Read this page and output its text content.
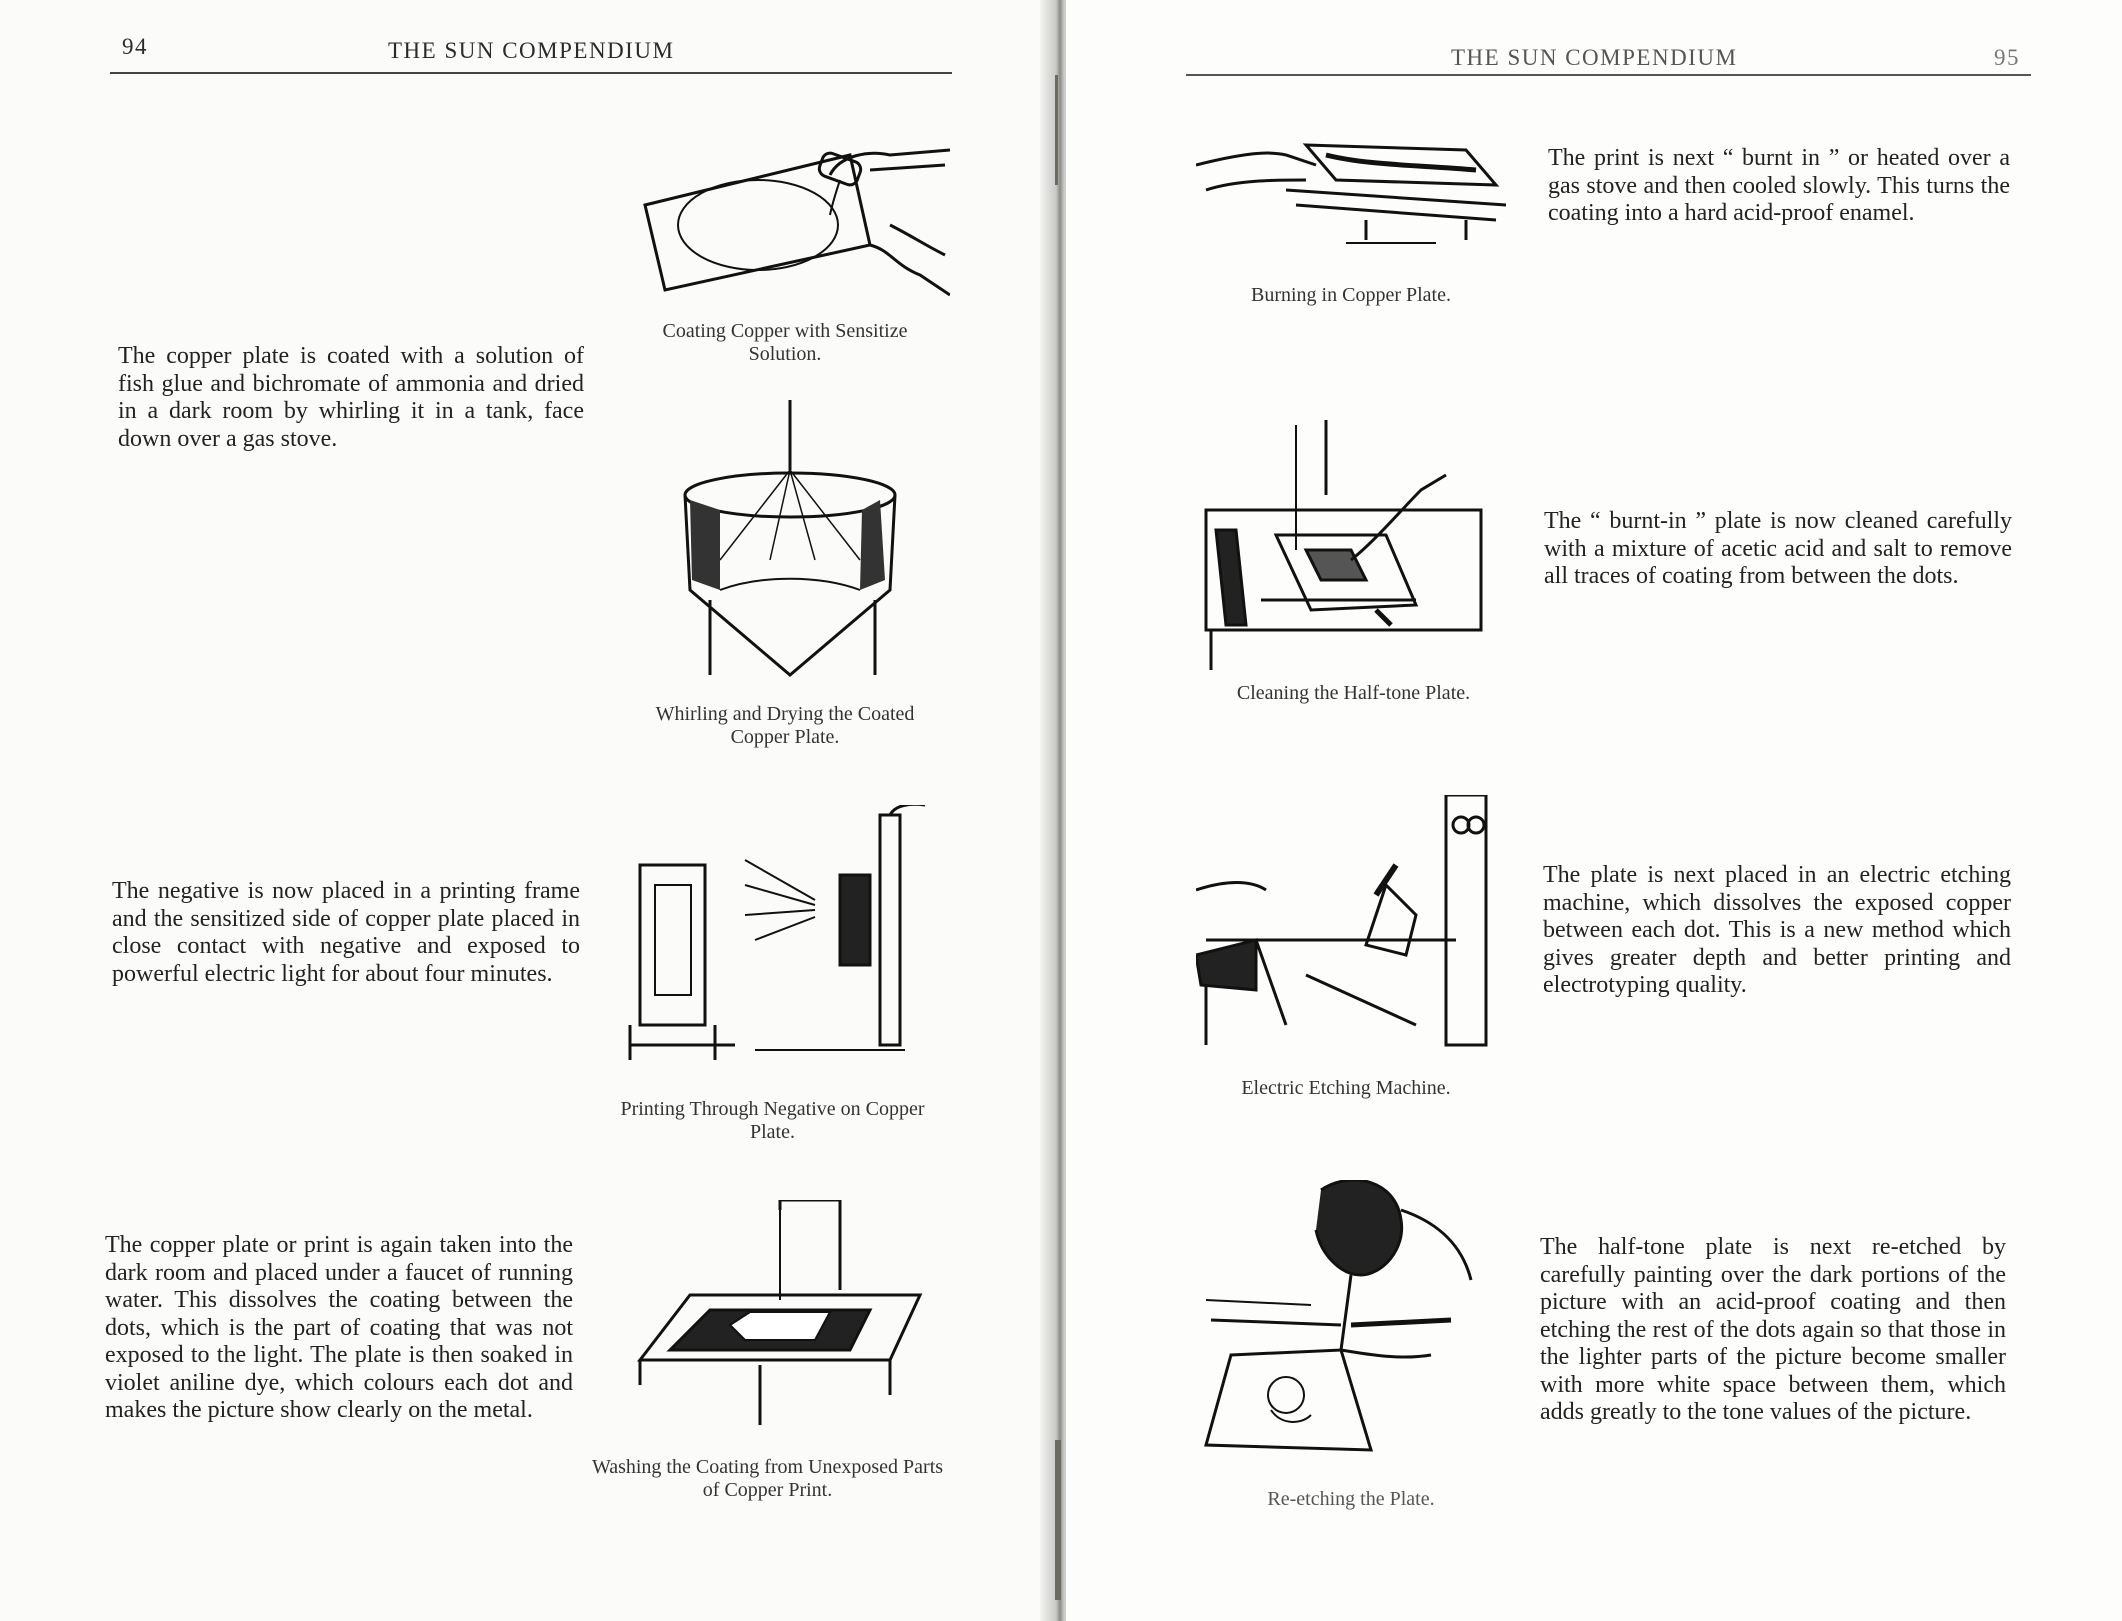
94	THE SUN COMPENDIUM
The copper plate is coated with a solution of fish glue and bichromate of ammonia and dried in a dark room by whirling it in a tank, face down over a gas stove.
Coating Copper with Sensitize Solution.
Whirling and Drying the Coated Copper Plate.
The negative is now placed in a printing frame and the sensitized side of copper plate placed in close contact with negative and exposed to powerful electric light for about four minutes.
Printing Through Negative on Copper Plate.
The copper plate or print is again taken into the dark room and placed under a faucet of running water. This dissolves the coating between the dots, which is the part of coating that was not exposed to the light. The plate is then soaked in violet aniline dye, which colours each dot and makes the picture show clearly on the metal.
Washing the Coating from Unexposed Parts of Copper Print.
THE SUN COMPENDIUM	95
Burning in Copper Plate.
The print is next “ burnt in ” or heated over a gas stove and then cooled slowly. This turns the coating into a hard acid-proof enamel.
Cleaning the Half-tone Plate.
The “ burnt-in ” plate is now cleaned carefully with a mixture of acetic acid and salt to remove all traces of coating from between the dots.
Electric Etching Machine.
The plate is next placed in an electric etching machine, which dissolves the exposed copper between each dot. This is a new method which gives greater depth and better printing and electrotyping quality.
Re-etching the Plate.
The half-tone plate is next re-etched by carefully painting over the dark portions of the picture with an acid-proof coating and then etching the rest of the dots again so that those in the lighter parts of the picture become smaller with more white space between them, which adds greatly to the tone values of the picture.
